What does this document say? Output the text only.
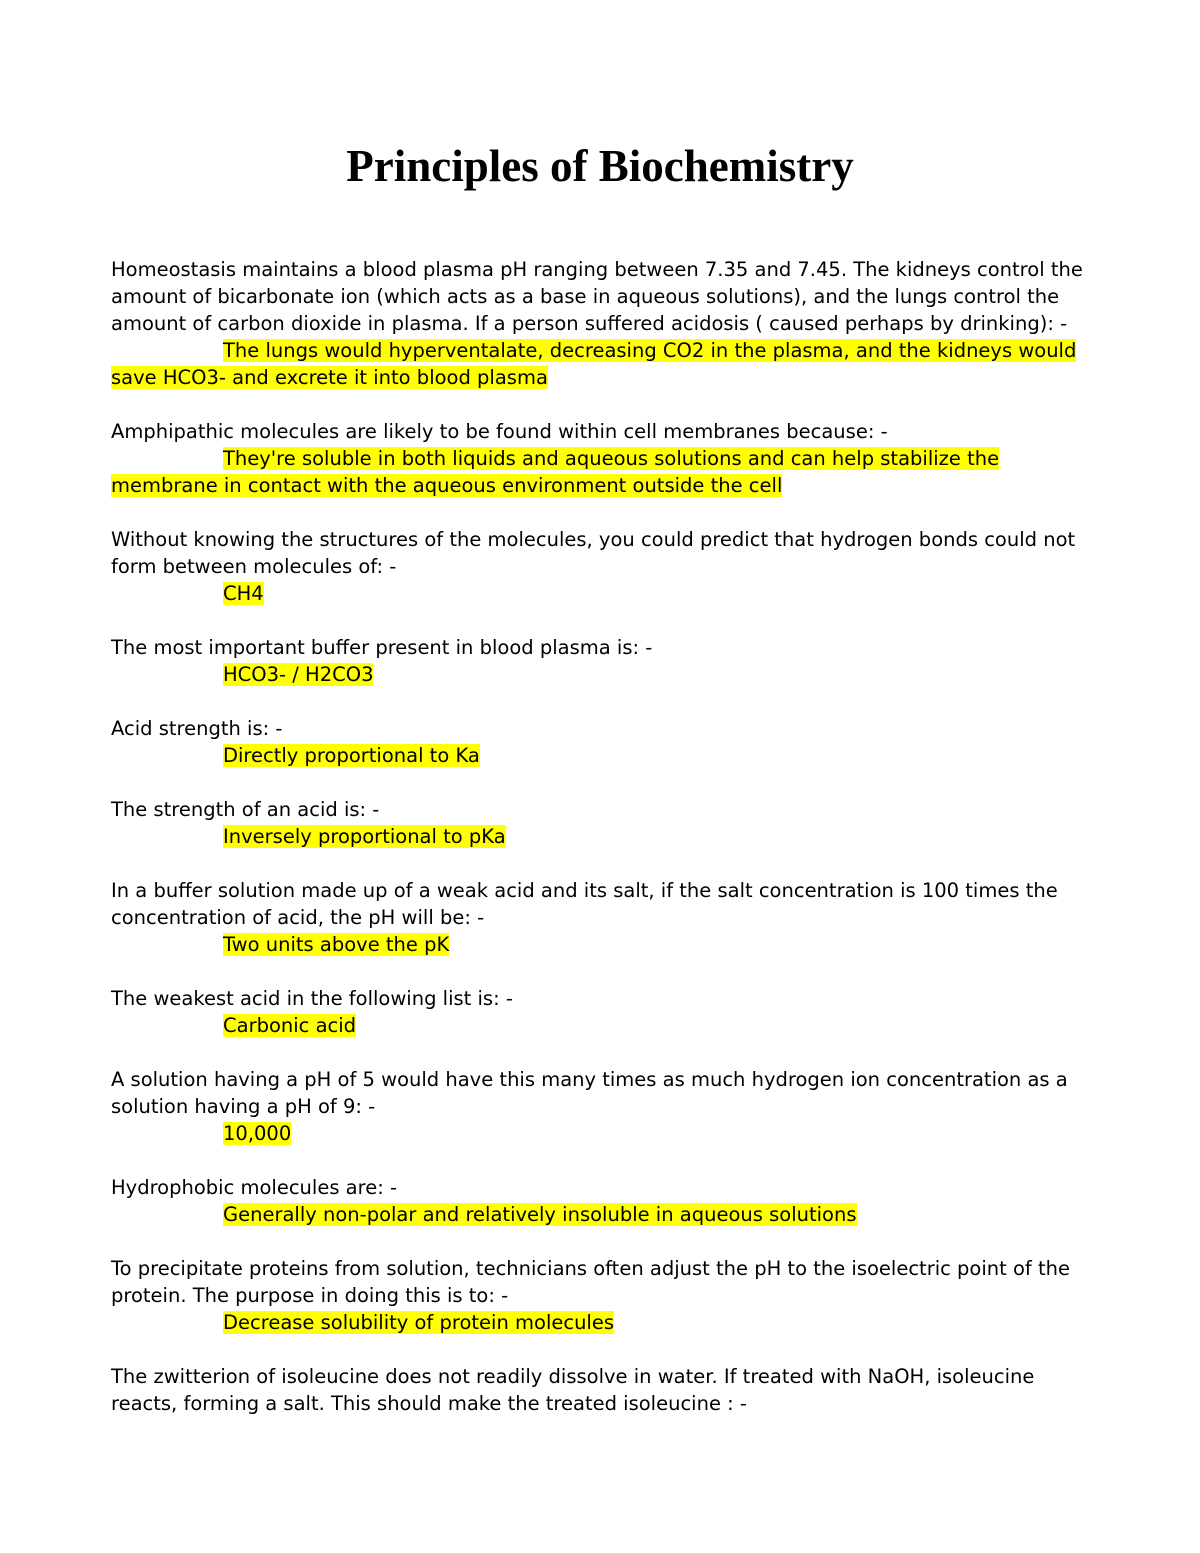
Principles of Biochemistry

Homeostasis maintains a blood plasma pH ranging between 7.35 and 7.45. The kidneys control the amount of bicarbonate ion (which acts as a base in aqueous solutions), and the lungs control the amount of carbon dioxide in plasma. If a person suffered acidosis ( caused perhaps by drinking): -

The lungs would hyperventalate, decreasing CO2 in the plasma, and the kidneys would save HCO3- and excrete it into blood plasma

Amphipathic molecules are likely to be found within cell membranes because: -

They're soluble in both liquids and aqueous solutions and can help stabilize the membrane in contact with the aqueous environment outside the cell

Without knowing the structures of the molecules, you could predict that hydrogen bonds could not form between molecules of: -

CH4

The most important buffer present in blood plasma is: -

HCO3- / H2CO3

Acid strength is: -

Directly proportional to Ka

The strength of an acid is: -

Inversely proportional to pKa

In a buffer solution made up of a weak acid and its salt, if the salt concentration is 100 times the concentration of acid, the pH will be: -

Two units above the pK

The weakest acid in the following list is: -

Carbonic acid

A solution having a pH of 5 would have this many times as much hydrogen ion concentration as a solution having a pH of 9: -

10,000

Hydrophobic molecules are: -

Generally non-polar and relatively insoluble in aqueous solutions

To precipitate proteins from solution, technicians often adjust the pH to the isoelectric point of the protein. The purpose in doing this is to: -

Decrease solubility of protein molecules

The zwitterion of isoleucine does not readily dissolve in water. If treated with NaOH, isoleucine reacts, forming a salt. This should make the treated isoleucine : -
